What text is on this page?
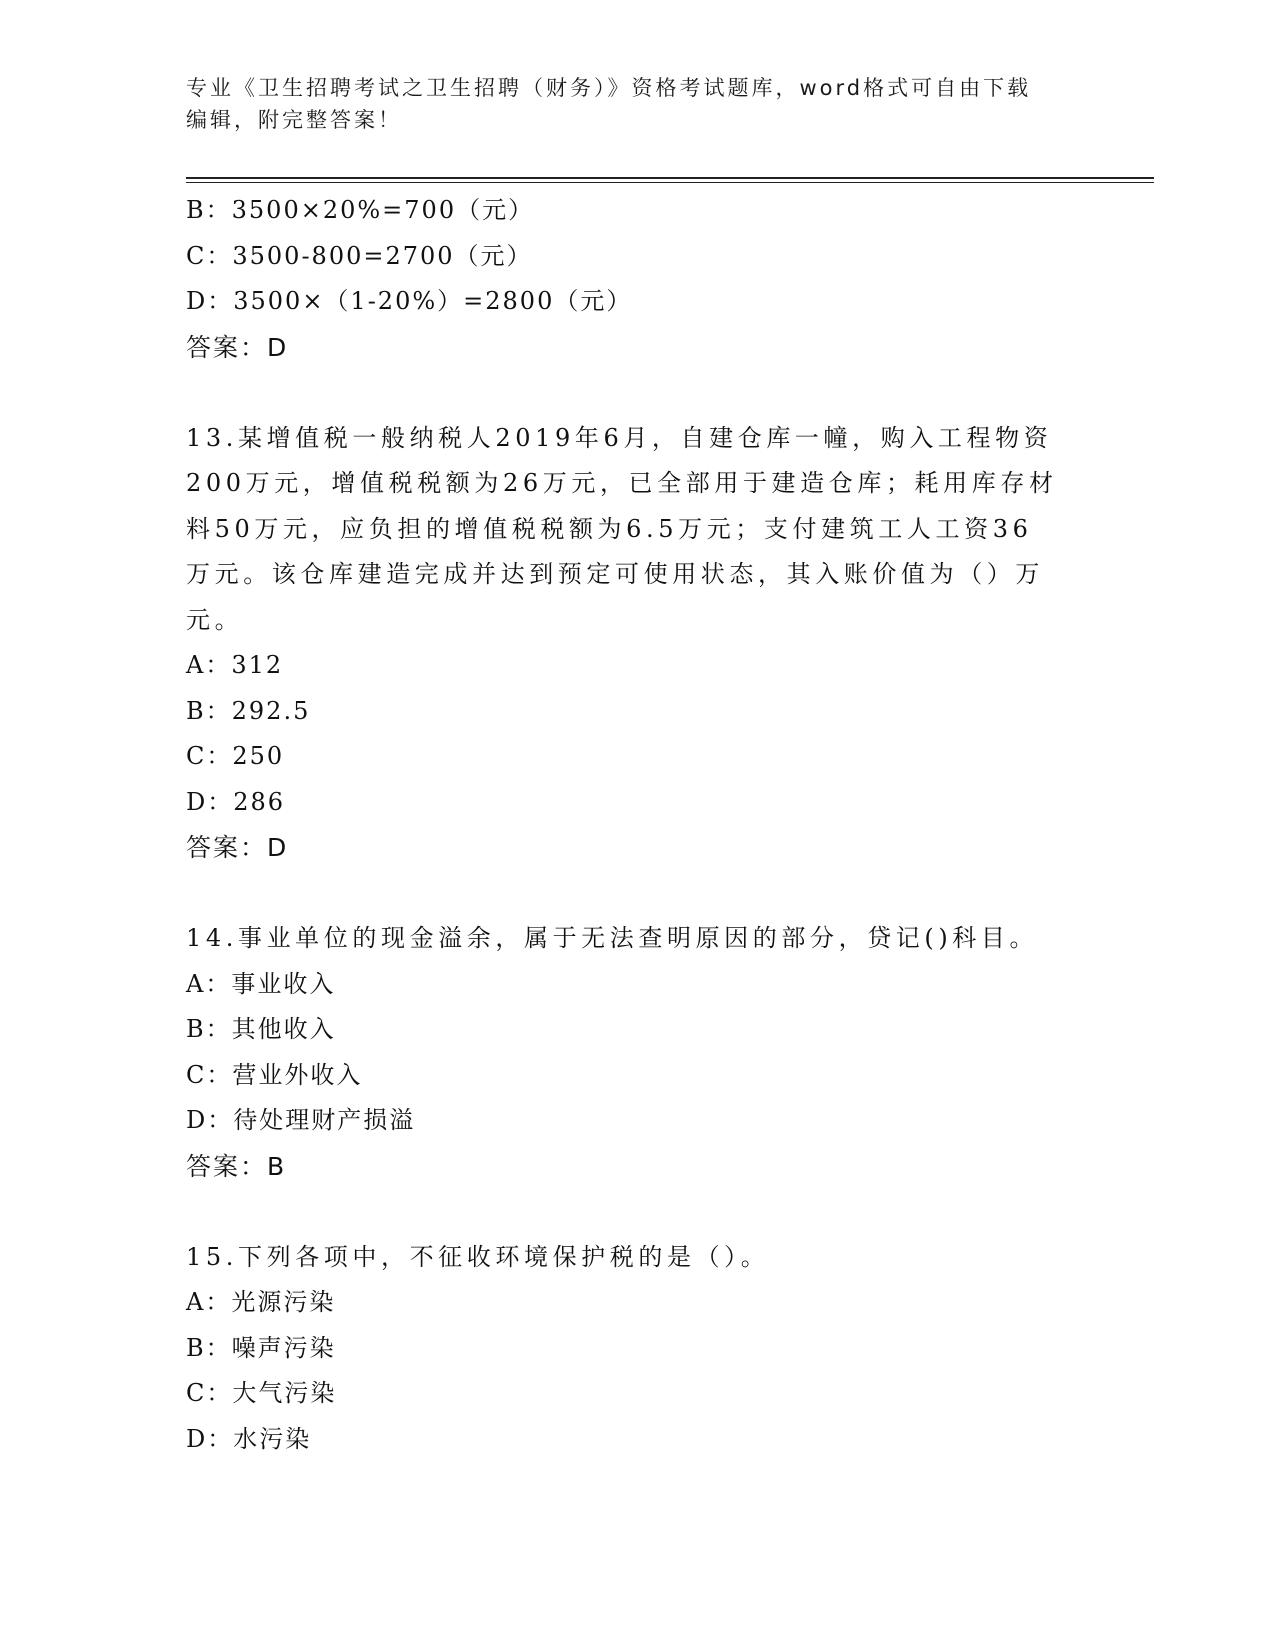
专业《卫生招聘考试之卫生招聘（财务）》资格考试题库，word格式可自由下载
编辑，附完整答案！
B：3500×20%=700（元）
C：3500-800=2700（元）
D：3500×（1-20%）=2800（元）
答案：D
13.某增值税一般纳税人2019年6月，自建仓库一幢，购入工程物资
200万元，增值税税额为26万元，已全部用于建造仓库；耗用库存材
料50万元，应负担的增值税税额为6.5万元；支付建筑工人工资36
万元。该仓库建造完成并达到预定可使用状态，其入账价值为（）万
元。
A：312
B：292.5
C：250
D：286
答案：D
14.事业单位的现金溢余，属于无法查明原因的部分，贷记()科目。
A：事业收入
B：其他收入
C：营业外收入
D：待处理财产损溢
答案：B
15.下列各项中，不征收环境保护税的是（）。
A：光源污染
B：噪声污染
C：大气污染
D：水污染
